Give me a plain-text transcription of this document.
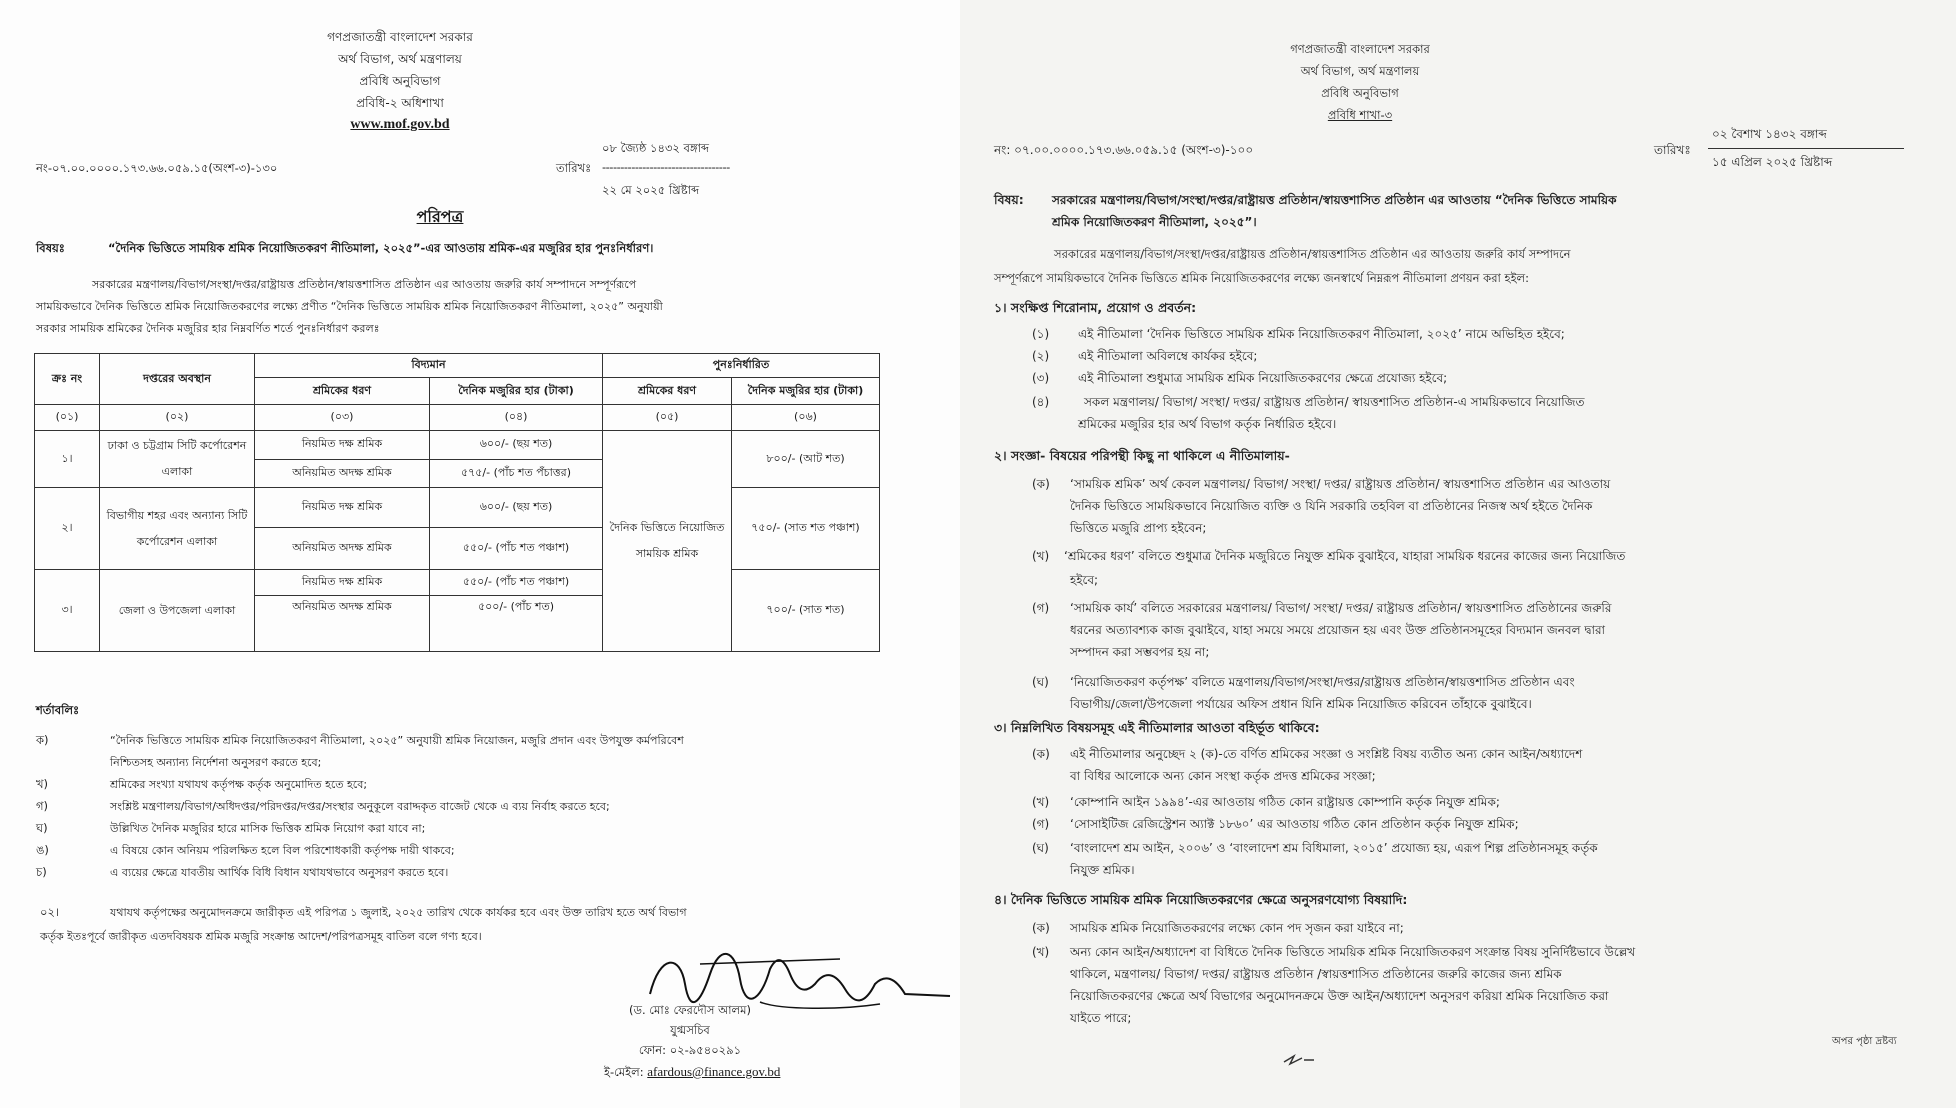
গণপ্রজাতন্ত্রী বাংলাদেশ সরকার
অর্থ বিভাগ, অর্থ মন্ত্রণালয়
প্রবিধি অনুবিভাগ
প্রবিধি-২ অধিশাখা
www.mof.gov.bd
০৮ জ্যৈষ্ঠ ১৪৩২ বঙ্গাব্দ
নং-০৭.০০.০০০০.১৭৩.৬৬.০৫৯.১৫(অংশ-৩)-১৩০	তারিখঃ -----------------------------------
২২ মে ২০২৫ খ্রিষ্টাব্দ
পরিপত্র
বিষয়ঃ	“দৈনিক ভিত্তিতে সাময়িক শ্রমিক নিয়োজিতকরণ নীতিমালা, ২০২৫”-এর আওতায় শ্রমিক-এর মজুরির হার পুনঃনির্ধারণ।
সরকারের মন্ত্রণালয়/বিভাগ/সংস্থা/দপ্তর/রাষ্ট্রায়ত্ত প্রতিষ্ঠান/স্বায়ত্তশাসিত প্রতিষ্ঠান এর আওতায় জরুরি কার্য সম্পাদনে সম্পূর্ণরূপে
সাময়িকভাবে দৈনিক ভিত্তিতে শ্রমিক নিয়োজিতকরণের লক্ষ্যে প্রণীত “দৈনিক ভিত্তিতে সাময়িক শ্রমিক নিয়োজিতকরণ নীতিমালা, ২০২৫” অনুযায়ী
সরকার সাময়িক শ্রমিকের দৈনিক মজুরির হার নিম্নবর্ণিত শর্তে পুনঃনির্ধারণ করলঃ
ক্রঃ নং	দপ্তরের অবস্থান	বিদ্যমান		পুনঃনির্ধারিত	
		শ্রমিকের ধরণ	দৈনিক মজুরির হার (টাকা)	শ্রমিকের ধরণ	দৈনিক মজুরির হার (টাকা)
(০১)	(০২)	(০৩)	(০৪)	(০৫)	(০৬)
১।	ঢাকা ও চট্টগ্রাম সিটি কর্পোরেশন এলাকা	নিয়মিত দক্ষ শ্রমিক	৬০০/- (ছয় শত)	দৈনিক ভিত্তিতে নিয়োজিত সাময়িক শ্রমিক	৮০০/- (আট শত)
		অনিয়মিত অদক্ষ শ্রমিক	৫৭৫/- (পাঁচ শত পঁচাত্তর)		
২।	বিভাগীয় শহর এবং অন্যান্য সিটি কর্পোরেশন এলাকা	নিয়মিত দক্ষ শ্রমিক	৬০০/- (ছয় শত)		৭৫০/- (সাত শত পঞ্চাশ)
		অনিয়মিত অদক্ষ শ্রমিক	৫৫০/- (পাঁচ শত পঞ্চাশ)		
৩।	জেলা ও উপজেলা এলাকা	নিয়মিত দক্ষ শ্রমিক	৫৫০/- (পাঁচ শত পঞ্চাশ)		৭০০/- (সাত শত)
		অনিয়মিত অদক্ষ শ্রমিক	৫০০/- (পাঁচ শত)		
শর্তাবলিঃ
ক)	“দৈনিক ভিত্তিতে সাময়িক শ্রমিক নিয়োজিতকরণ নীতিমালা, ২০২৫” অনুযায়ী শ্রমিক নিয়োজন, মজুরি প্রদান এবং উপযুক্ত কর্মপরিবেশ
নিশ্চিতসহ অন্যান্য নির্দেশনা অনুসরণ করতে হবে;
খ)	শ্রমিকের সংখ্যা যথাযথ কর্তৃপক্ষ কর্তৃক অনুমোদিত হতে হবে;
গ)	সংশ্লিষ্ট মন্ত্রণালয়/বিভাগ/অধিদপ্তর/পরিদপ্তর/দপ্তর/সংস্থার অনুকূলে বরাদ্দকৃত বাজেট থেকে এ ব্যয় নির্বাহ করতে হবে;
ঘ)	উল্লিখিত দৈনিক মজুরির হারে মাসিক ভিত্তিক শ্রমিক নিয়োগ করা যাবে না;
ঙ)	এ বিষয়ে কোন অনিয়ম পরিলক্ষিত হলে বিল পরিশোধকারী কর্তৃপক্ষ দায়ী থাকবে;
চ)	এ ব্যয়ের ক্ষেত্রে যাবতীয় আর্থিক বিধি বিধান যথাযথভাবে অনুসরণ করতে হবে।
০২।	যথাযথ কর্তৃপক্ষের অনুমোদনক্রমে জারীকৃত এই পরিপত্র ১ জুলাই, ২০২৫ তারিখ থেকে কার্যকর হবে এবং উক্ত তারিখ হতে অর্থ বিভাগ
কর্তৃক ইতঃপূর্বে জারীকৃত এতদবিষয়ক শ্রমিক মজুরি সংক্রান্ত আদেশ/পরিপত্রসমূহ বাতিল বলে গণ্য হবে।
(ড. মোঃ ফেরদৌস আলম)
যুগ্মসচিব
ফোন: ০২-৯৫৪০২৯১
ই-মেইল: afardous@finance.gov.bd
গণপ্রজাতন্ত্রী বাংলাদেশ সরকার
অর্থ বিভাগ, অর্থ মন্ত্রণালয়
প্রবিধি অনুবিভাগ
প্রবিধি শাখা-৩
০২ বৈশাখ ১৪৩২ বঙ্গাব্দ
নং: ০৭.০০.০০০০.১৭৩.৬৬.০৫৯.১৫ (অংশ-৩)-১০০	তারিখঃ
১৫ এপ্রিল ২০২৫ খ্রিষ্টাব্দ
বিষয়: সরকারের মন্ত্রণালয়/বিভাগ/সংস্থা/দপ্তর/রাষ্ট্রায়ত্ত প্রতিষ্ঠান/স্বায়ত্তশাসিত প্রতিষ্ঠান এর আওতায় “দৈনিক ভিত্তিতে সাময়িক
শ্রমিক নিয়োজিতকরণ নীতিমালা, ২০২৫”।
সরকারের মন্ত্রণালয়/বিভাগ/সংস্থা/দপ্তর/রাষ্ট্রায়ত্ত প্রতিষ্ঠান/স্বায়ত্তশাসিত প্রতিষ্ঠান এর আওতায় জরুরি কার্য সম্পাদনে
সম্পূর্ণরূপে সাময়িকভাবে দৈনিক ভিত্তিতে শ্রমিক নিয়োজিতকরণের লক্ষ্যে জনস্বার্থে নিম্নরূপ নীতিমালা প্রণয়ন করা হইল:
১। সংক্ষিপ্ত শিরোনাম, প্রয়োগ ও প্রবর্তন:
(১) এই নীতিমালা ‘দৈনিক ভিত্তিতে সাময়িক শ্রমিক নিয়োজিতকরণ নীতিমালা, ২০২৫’ নামে অভিহিত হইবে;
(২) এই নীতিমালা অবিলম্বে কার্যকর হইবে;
(৩) এই নীতিমালা শুধুমাত্র সাময়িক শ্রমিক নিয়োজিতকরণের ক্ষেত্রে প্রযোজ্য হইবে;
(৪)	সকল মন্ত্রণালয়/ বিভাগ/ সংস্থা/ দপ্তর/ রাষ্ট্রায়ত্ত প্রতিষ্ঠান/ স্বায়ত্তশাসিত প্রতিষ্ঠান-এ সাময়িকভাবে নিয়োজিত
শ্রমিকের মজুরির হার অর্থ বিভাগ কর্তৃক নির্ধারিত হইবে।
২। সংজ্ঞা- বিষয়ের পরিপন্থী কিছু না থাকিলে এ নীতিমালায়-
(ক) ‘সাময়িক শ্রমিক’ অর্থ কেবল মন্ত্রণালয়/ বিভাগ/ সংস্থা/ দপ্তর/ রাষ্ট্রায়ত্ত প্রতিষ্ঠান/ স্বায়ত্তশাসিত প্রতিষ্ঠান এর আওতায়
দৈনিক ভিত্তিতে সাময়িকভাবে নিয়োজিত ব্যক্তি ও যিনি সরকারি তহবিল বা প্রতিষ্ঠানের নিজস্ব অর্থ হইতে দৈনিক
ভিত্তিতে মজুরি প্রাপ্য হইবেন;
(খ) ‘শ্রমিকের ধরণ’ বলিতে শুধুমাত্র দৈনিক মজুরিতে নিযুক্ত শ্রমিক বুঝাইবে, যাহারা সাময়িক ধরনের কাজের জন্য নিয়োজিত
হইবে;
(গ) ‘সাময়িক কার্য’ বলিতে সরকারের মন্ত্রণালয়/ বিভাগ/ সংস্থা/ দপ্তর/ রাষ্ট্রায়ত্ত প্রতিষ্ঠান/ স্বায়ত্তশাসিত প্রতিষ্ঠানের জরুরি
ধরনের অত্যাবশ্যক কাজ বুঝাইবে, যাহা সময়ে সময়ে প্রয়োজন হয় এবং উক্ত প্রতিষ্ঠানসমূহের বিদ্যমান জনবল দ্বারা
সম্পাদন করা সম্ভবপর হয় না;
(ঘ) ‘নিয়োজিতকরণ কর্তৃপক্ষ’ বলিতে মন্ত্রণালয়/বিভাগ/সংস্থা/দপ্তর/রাষ্ট্রায়ত্ত প্রতিষ্ঠান/স্বায়ত্তশাসিত প্রতিষ্ঠান এবং
বিভাগীয়/জেলা/উপজেলা পর্যায়ের অফিস প্রধান যিনি শ্রমিক নিয়োজিত করিবেন তাঁহাকে বুঝাইবে।
৩। নিম্নলিখিত বিষয়সমূহ এই নীতিমালার আওতা বহির্ভূত থাকিবে:
(ক) এই নীতিমালার অনুচ্ছেদ ২ (ক)-তে বর্ণিত শ্রমিকের সংজ্ঞা ও সংশ্লিষ্ট বিষয় ব্যতীত অন্য কোন আইন/অধ্যাদেশ
বা বিধির আলোকে অন্য কোন সংস্থা কর্তৃক প্রদত্ত শ্রমিকের সংজ্ঞা;
(খ) ‘কোম্পানি আইন ১৯৯৪’-এর আওতায় গঠিত কোন রাষ্ট্রায়ত্ত কোম্পানি কর্তৃক নিযুক্ত শ্রমিক;
(গ) ‘সোসাইটিজ রেজিস্ট্রেশন অ্যাক্ট ১৮৬০’ এর আওতায় গঠিত কোন প্রতিষ্ঠান কর্তৃক নিযুক্ত শ্রমিক;
(ঘ) ‘বাংলাদেশ শ্রম আইন, ২০০৬’ ও ‘বাংলাদেশ শ্রম বিধিমালা, ২০১৫’ প্রযোজ্য হয়, এরূপ শিল্প প্রতিষ্ঠানসমূহ কর্তৃক
নিযুক্ত শ্রমিক।
৪। দৈনিক ভিত্তিতে সাময়িক শ্রমিক নিয়োজিতকরণের ক্ষেত্রে অনুসরণযোগ্য বিষয়াদি:
(ক) সাময়িক শ্রমিক নিয়োজিতকরণের লক্ষ্যে কোন পদ সৃজন করা যাইবে না;
(খ) অন্য কোন আইন/অধ্যাদেশ বা বিধিতে দৈনিক ভিত্তিতে সাময়িক শ্রমিক নিয়োজিতকরণ সংক্রান্ত বিষয় সুনির্দিষ্টভাবে উল্লেখ
থাকিলে, মন্ত্রণালয়/ বিভাগ/ দপ্তর/ রাষ্ট্রায়ত্ত প্রতিষ্ঠান /স্বায়ত্তশাসিত প্রতিষ্ঠানের জরুরি কাজের জন্য শ্রমিক
নিয়োজিতকরণের ক্ষেত্রে অর্থ বিভাগের অনুমোদনক্রমে উক্ত আইন/অধ্যাদেশ অনুসরণ করিয়া শ্রমিক নিয়োজিত করা
যাইতে পারে;
অপর পৃষ্ঠা দ্রষ্টব্য
